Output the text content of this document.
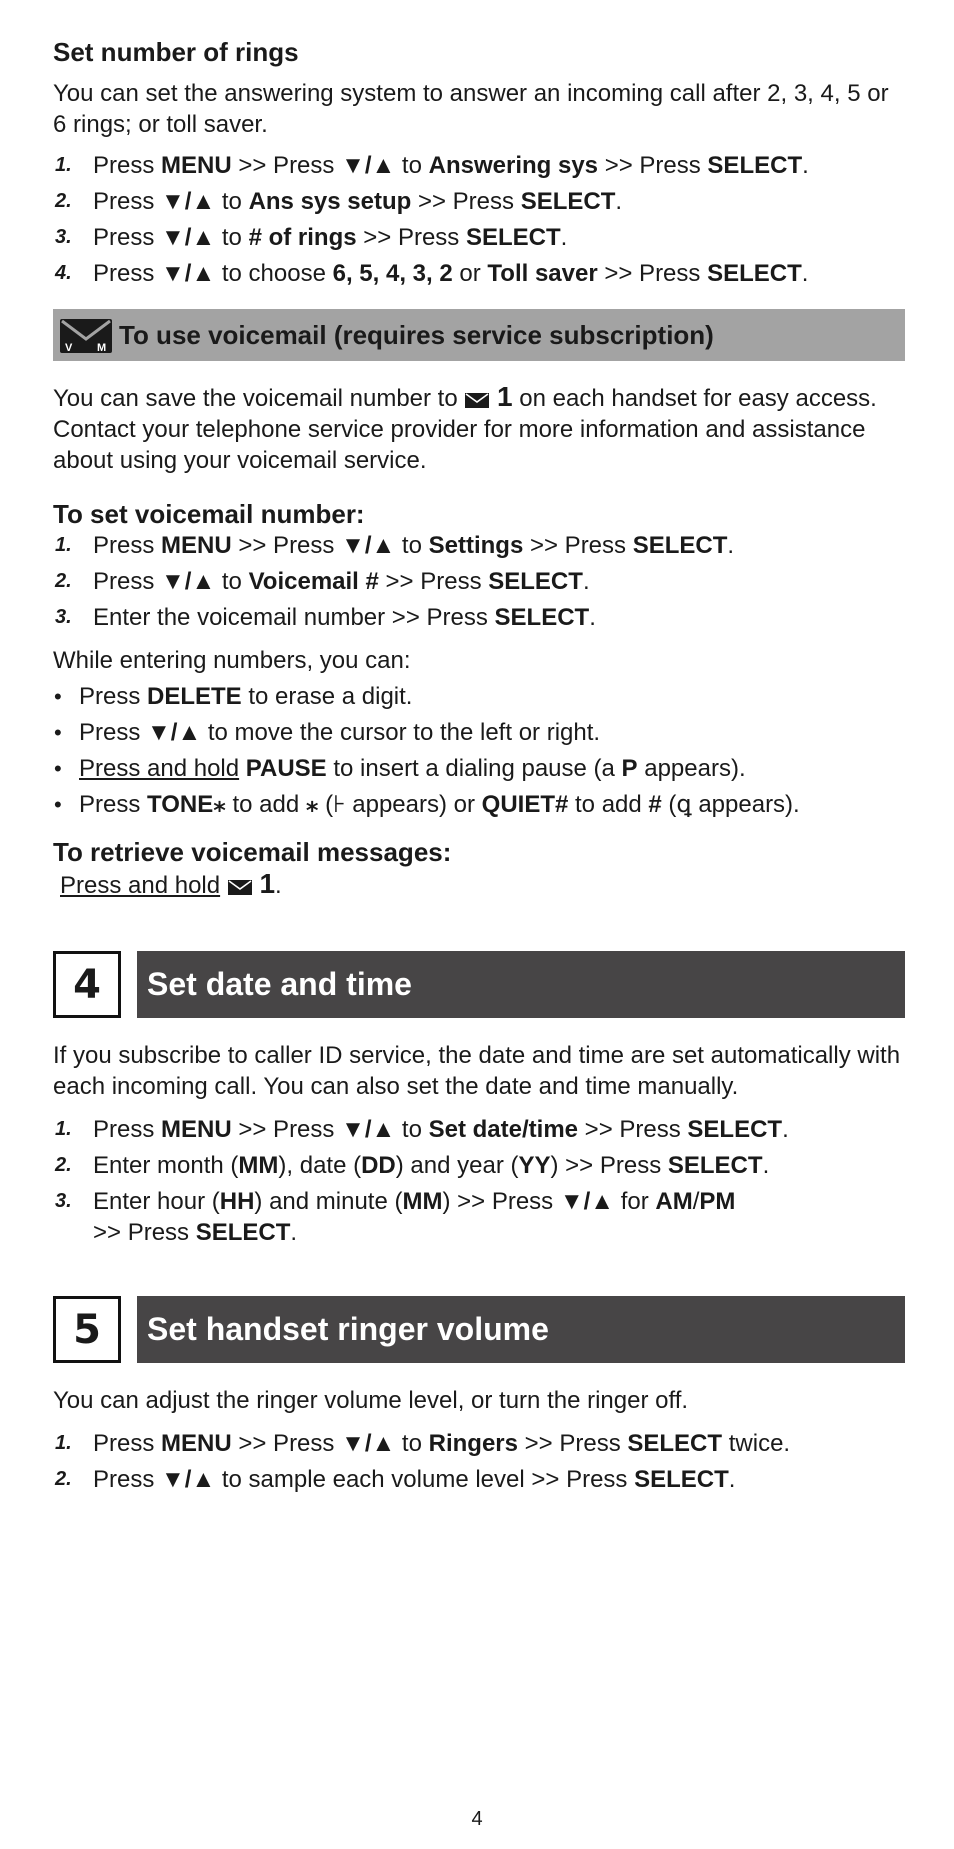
Set number of rings

You can set the answering system to answer an incoming call after 2, 3, 4, 5 or 6 rings; or toll saver.

1. Press MENU >> Press ▼/▲ to Answering sys >> Press SELECT.
2. Press ▼/▲ to Ans sys setup >> Press SELECT.
3. Press ▼/▲ to # of rings >> Press SELECT.
4. Press ▼/▲ to choose 6, 5, 4, 3, 2 or Toll saver >> Press SELECT.
V M To use voicemail (requires service subscription)

You can save the voicemail number to  1 on each handset for easy access. Contact your telephone service provider for more information and assistance about using your voicemail service.

To set voicemail number:
1. Press MENU >> Press ▼/▲ to Settings >> Press SELECT.
2. Press ▼/▲ to Voicemail # >> Press SELECT.
3. Enter the voicemail number >> Press SELECT.

While entering numbers, you can:

• Press DELETE to erase a digit.
• Press ▼/▲ to move the cursor to the left or right.
• Press and hold PAUSE to insert a dialing pause (a P appears).
• Press TONE⁎ to add ⁎ (⊦ appears) or QUIET# to add # (ꝗ appears).
To retrieve voicemail messages:

Press and hold 1.

4	Set date and time

If you subscribe to caller ID service, the date and time are set automatically with each incoming call. You can also set the date and time manually.

1. Press MENU >> Press ▼/▲ to Set date/time >> Press SELECT.
2. Enter month (MM), date (DD) and year (YY) >> Press SELECT.
3. Enter hour (HH) and minute (MM) >> Press ▼/▲ for AM/PM
>> Press SELECT.
5	Set handset ringer volume

You can adjust the ringer volume level, or turn the ringer off.

1. Press MENU >> Press ▼/▲ to Ringers >> Press SELECT twice.
2. Press ▼/▲ to sample each volume level >> Press SELECT.
4
